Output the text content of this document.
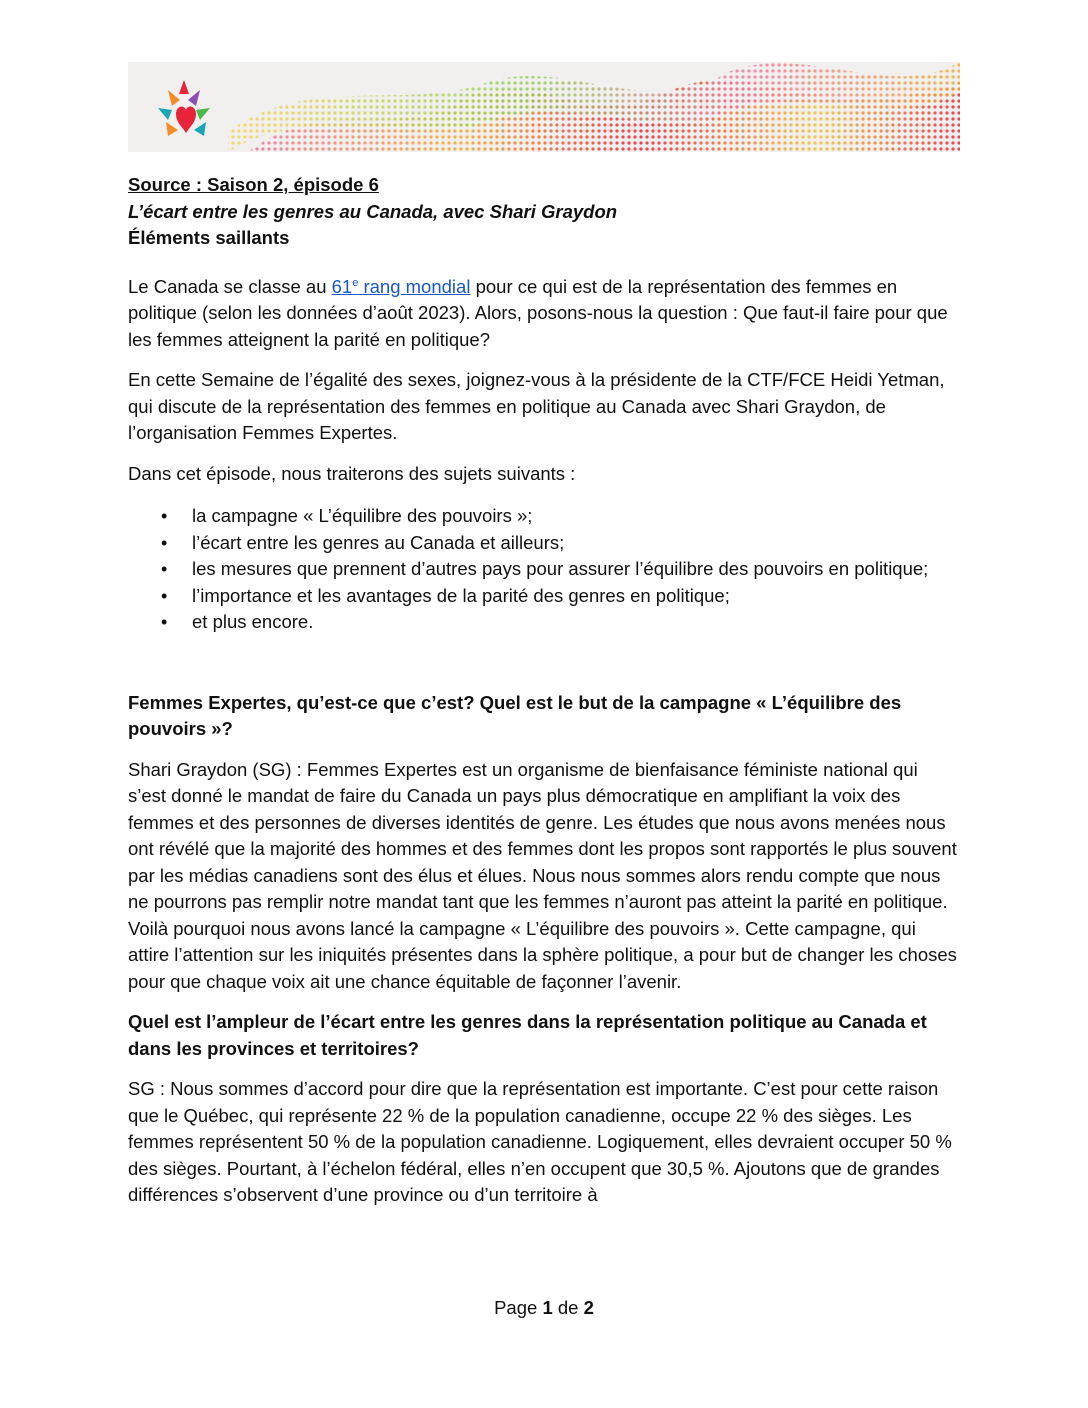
Source : Saison 2, épisode 6

L’écart entre les genres au Canada, avec Shari Graydon

Éléments saillants

Le Canada se classe au 61e rang mondial pour ce qui est de la représentation des femmes en politique (selon les données d’août 2023). Alors, posons-nous la question : Que faut-il faire pour que les femmes atteignent la parité en politique?

En cette Semaine de l’égalité des sexes, joignez-vous à la présidente de la CTF/FCE Heidi Yetman, qui discute de la représentation des femmes en politique au Canada avec Shari Graydon, de l’organisation Femmes Expertes.

Dans cet épisode, nous traiterons des sujets suivants :

• la campagne « L’équilibre des pouvoirs »;
• l’écart entre les genres au Canada et ailleurs;
• les mesures que prennent d’autres pays pour assurer l’équilibre des pouvoirs en politique;
• l’importance et les avantages de la parité des genres en politique;
• et plus encore.

Femmes Expertes, qu’est-ce que c’est? Quel est le but de la campagne « L’équilibre des pouvoirs »?

Shari Graydon (SG) : Femmes Expertes est un organisme de bienfaisance féministe national qui s’est donné le mandat de faire du Canada un pays plus démocratique en amplifiant la voix des femmes et des personnes de diverses identités de genre. Les études que nous avons menées nous ont révélé que la majorité des hommes et des femmes dont les propos sont rapportés le plus souvent par les médias canadiens sont des élus et élues. Nous nous sommes alors rendu compte que nous ne pourrons pas remplir notre mandat tant que les femmes n’auront pas atteint la parité en politique. Voilà pourquoi nous avons lancé la campagne « L’équilibre des pouvoirs ». Cette campagne, qui attire l’attention sur les iniquités présentes dans la sphère politique, a pour but de changer les choses pour que chaque voix ait une chance équitable de façonner l’avenir.

Quel est l’ampleur de l’écart entre les genres dans la représentation politique au Canada et dans les provinces et territoires?

SG : Nous sommes d’accord pour dire que la représentation est importante. C’est pour cette raison que le Québec, qui représente 22 % de la population canadienne, occupe 22 % des sièges. Les femmes représentent 50 % de la population canadienne. Logiquement, elles devraient occuper 50 % des sièges. Pourtant, à l’échelon fédéral, elles n’en occupent que 30,5 %. Ajoutons que de grandes différences s’observent d’une province ou d’un territoire à

Page 1 de 2
